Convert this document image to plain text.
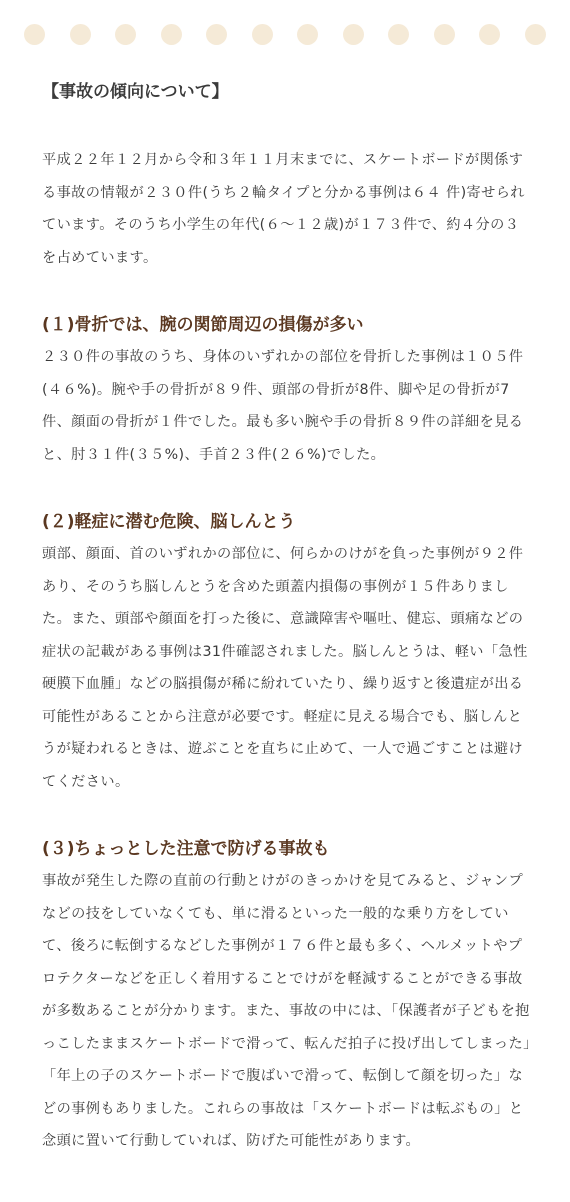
【事故の傾向について】

平成２２年１２月から令和３年１１月末までに、スケートボードが関係する事故の情報が２３０件(うち２輪タイプと分かる事例は６４ 件)寄せられています。そのうち小学生の年代(６～１２歳)が１７３件で、約４分の３を占めています。

(１)骨折では、腕の関節周辺の損傷が多い

２３０件の事故のうち、身体のいずれかの部位を骨折した事例は１０５件(４６%)。腕や手の骨折が８９件、頭部の骨折が8件、脚や足の骨折が7件、顔面の骨折が１件でした。最も多い腕や手の骨折８９件の詳細を見ると、肘３１件(３５%)、手首２３件(２６%)でした。

(２)軽症に潜む危険、脳しんとう

頭部、顔面、首のいずれかの部位に、何らかのけがを負った事例が９２件あり、そのうち脳しんとうを含めた頭蓋内損傷の事例が１５件ありました。また、頭部や顔面を打った後に、意識障害や嘔吐、健忘、頭痛などの症状の記載がある事例は31件確認されました。脳しんとうは、軽い「急性硬膜下血腫」などの脳損傷が稀に紛れていたり、繰り返すと後遺症が出る可能性があることから注意が必要です。軽症に見える場合でも、脳しんとうが疑われるときは、遊ぶことを直ちに止めて、一人で過ごすことは避けてください。

(３)ちょっとした注意で防げる事故も

事故が発生した際の直前の行動とけがのきっかけを見てみると、ジャンプなどの技をしていなくても、単に滑るといった一般的な乗り方をしていて、後ろに転倒するなどした事例が１７６件と最も多く、ヘルメットやプロテクターなどを正しく着用することでけがを軽減することができる事故が多数あることが分かります。また、事故の中には、「保護者が子どもを抱っこしたままスケートボードで滑って、転んだ拍子に投げ出してしまった」「年上の子のスケートボードで腹ばいで滑って、転倒して顔を切った」などの事例もありました。これらの事故は「スケートボードは転ぶもの」と念頭に置いて行動していれば、防げた可能性があります。
